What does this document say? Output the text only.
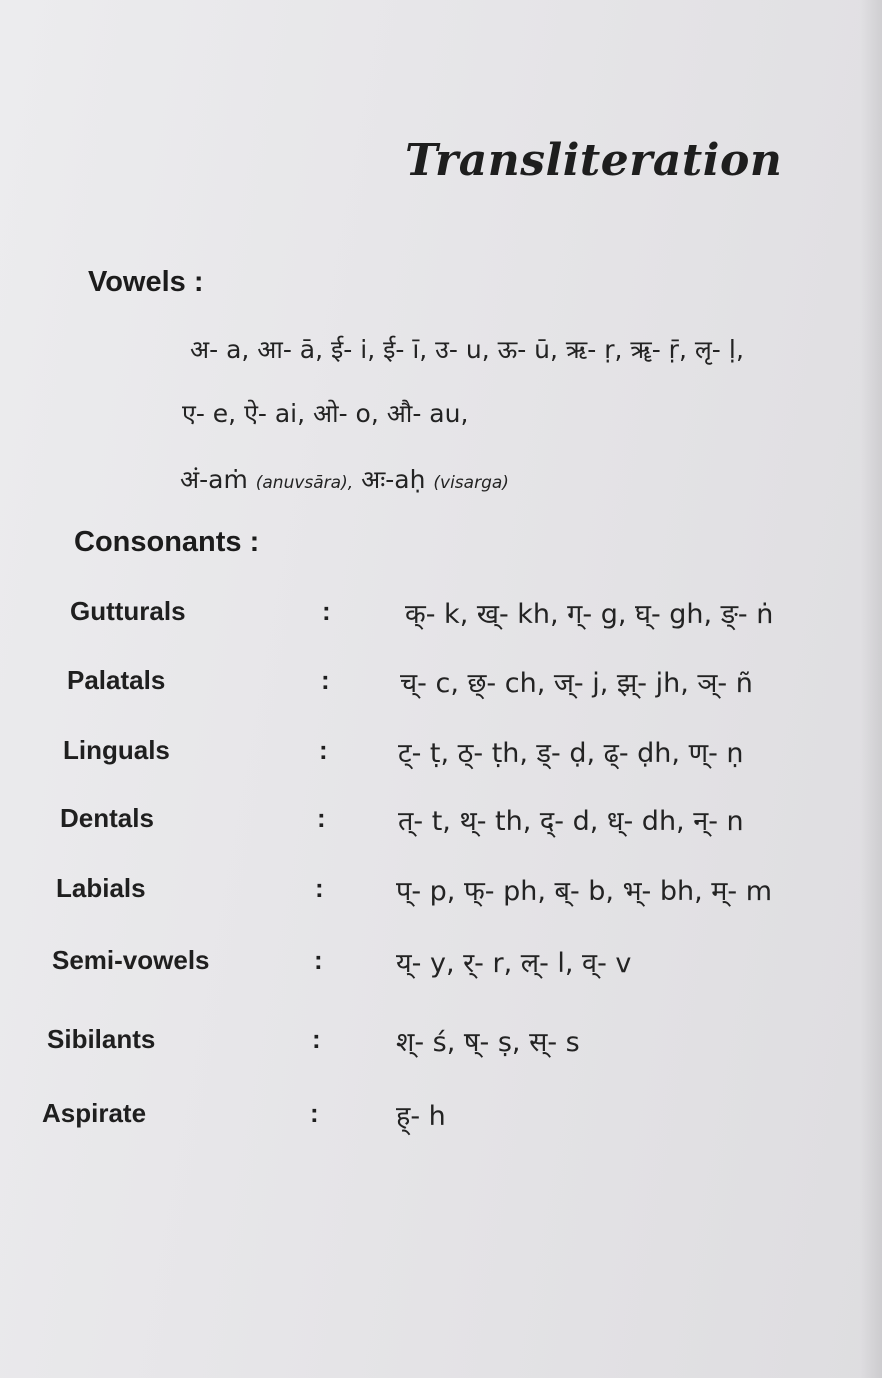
Transliteration
Vowels :
अ- a, आ- ā, ई- i, ई- ī, उ- u, ऊ- ū, ऋ- ṛ, ॠ- ṝ, लृ- ḷ,
ए- e, ऐ- ai, ओ- o, औ- au,
अं-aṁ (anuvsāra), अः-aḥ (visarga)
Consonants :
Gutturals	:	क्- k, ख्- kh, ग्- g, घ्- gh, ङ्- ṅ
Palatals	:	च्- c, छ्- ch, ज्- j, झ्- jh, ञ्- ñ
Linguals	:	ट्- ṭ, ठ्- ṭh, ड्- ḍ, ढ्- ḍh, ण्- ṇ
Dentals	:	त्- t, थ्- th, द्- d, ध्- dh, न्- n
Labials	:	प्- p, फ्- ph, ब्- b, भ्- bh, म्- m
Semi-vowels	:	य्- y, र्- r, ल्- l, व्- v
Sibilants	:	श्- ś, ष्- ṣ, स्- s
Aspirate	:	ह्- h
